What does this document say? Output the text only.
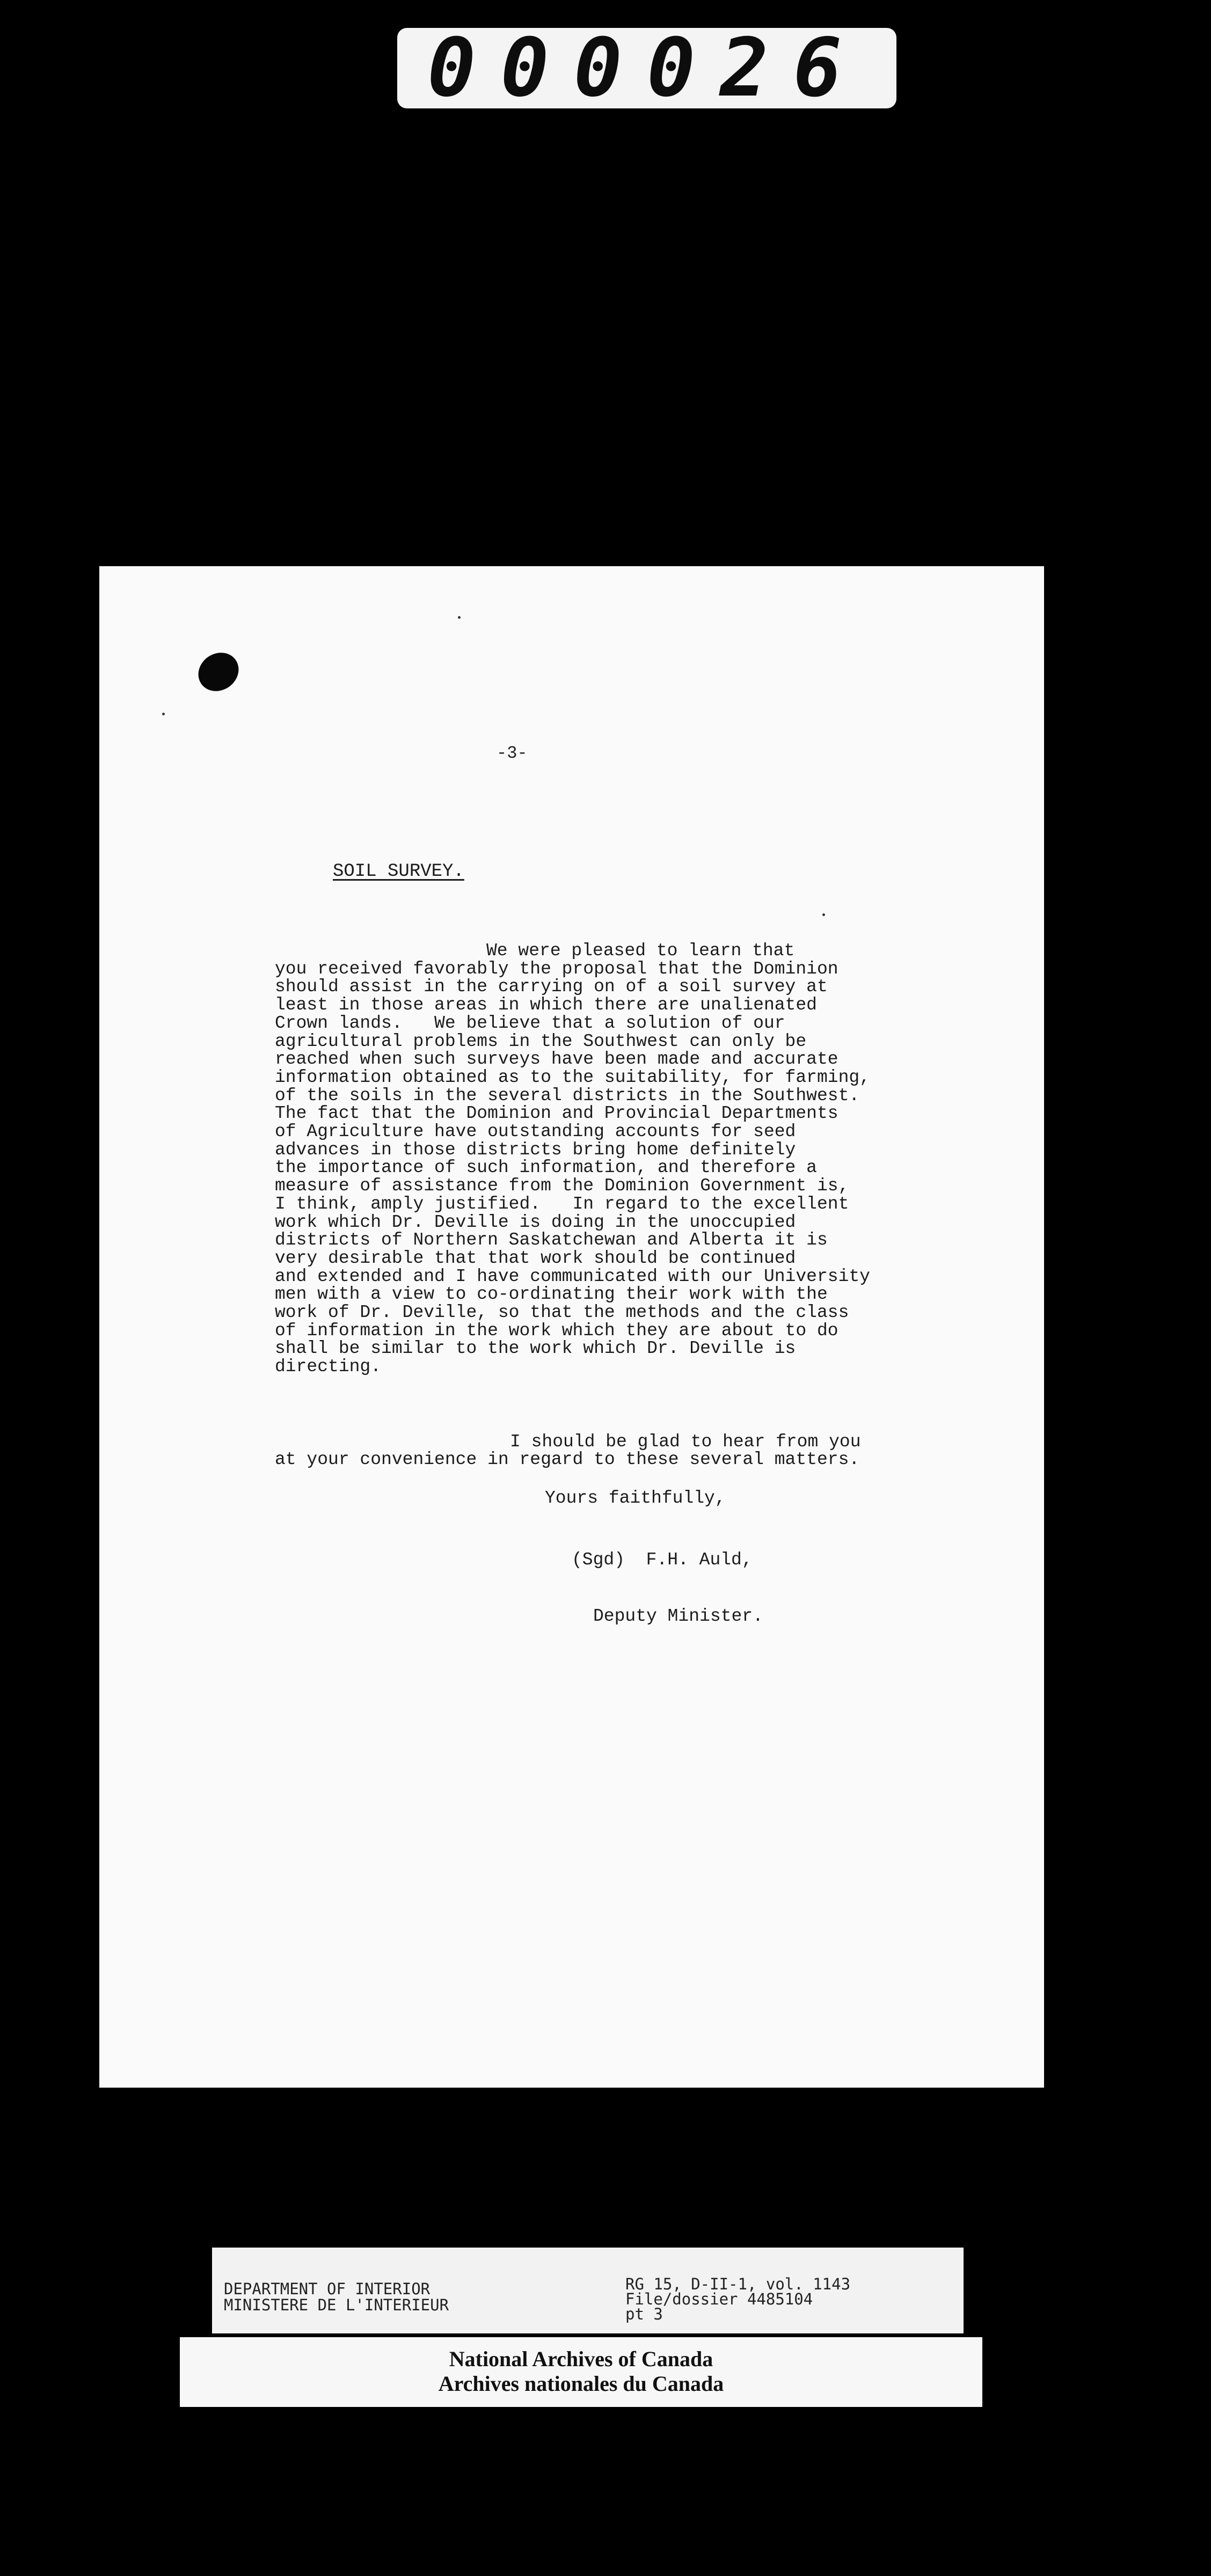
000026
-3-
SOIL SURVEY.
We were pleased to learn that
you received favorably the proposal that the Dominion
should assist in the carrying on of a soil survey at
least in those areas in which there are unalienated
Crown lands.   We believe that a solution of our
agricultural problems in the Southwest can only be
reached when such surveys have been made and accurate
information obtained as to the suitability, for farming,
of the soils in the several districts in the Southwest.
The fact that the Dominion and Provincial Departments
of Agriculture have outstanding accounts for seed
advances in those districts bring home definitely
the importance of such information, and therefore a
measure of assistance from the Dominion Government is,
I think, amply justified.   In regard to the excellent
work which Dr. Deville is doing in the unoccupied
districts of Northern Saskatchewan and Alberta it is
very desirable that that work should be continued
and extended and I have communicated with our University
men with a view to co-ordinating their work with the
work of Dr. Deville, so that the methods and the class
of information in the work which they are about to do
shall be similar to the work which Dr. Deville is
directing.
I should be glad to hear from you
at your convenience in regard to these several matters.
Yours faithfully,
(Sgd)  F.H. Auld,
Deputy Minister.
DEPARTMENT OF INTERIOR
MINISTERE DE L'INTERIEUR
RG 15, D-II-1, vol. 1143
File/dossier 4485104
pt 3
National Archives of Canada
Archives nationales du Canada
